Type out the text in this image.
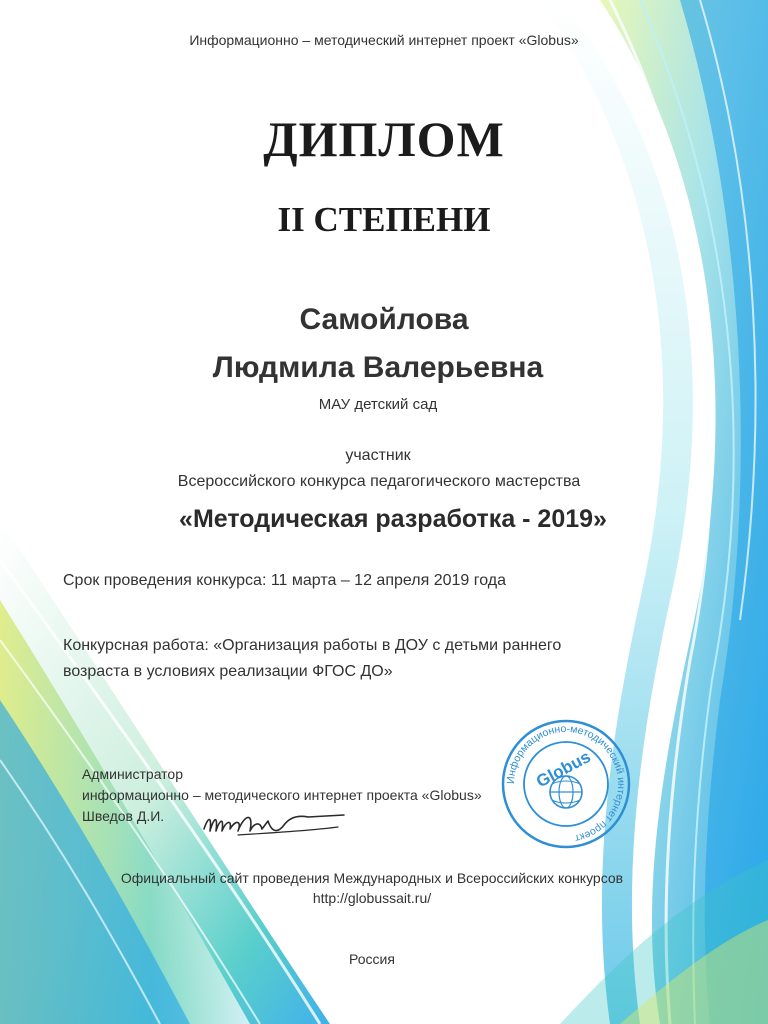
Информационно – методический интернет проект «Globus»
ДИПЛОМ
II СТЕПЕНИ
Самойлова
Людмила Валерьевна
МАУ детский сад
участник
Всероссийского конкурса педагогического мастерства
«Методическая разработка - 2019»
Срок проведения конкурса: 11 марта – 12 апреля 2019 года
Конкурсная работа: «Организация работы в ДОУ с детьми раннего
возраста в условиях реализации ФГОС ДО»
Администратор
информационно – методического интернет проекта «Globus»
Шведов Д.И.
Информационно-методический интернет проект
Globus
Официальный сайт проведения Международных и Всероссийских конкурсов
http://globussait.ru/
Россия
